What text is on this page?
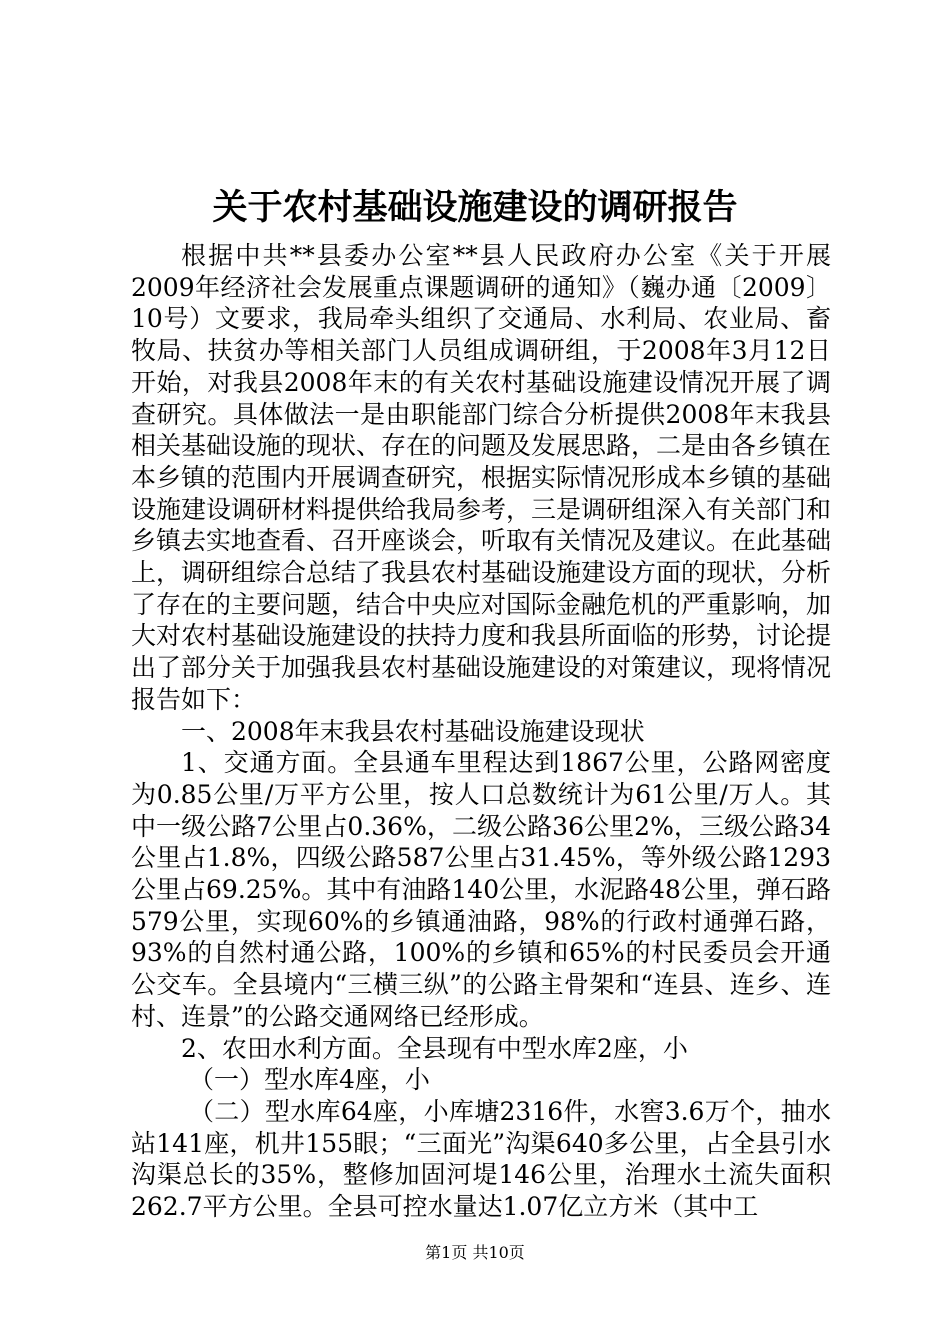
关于农村基础设施建设的调研报告

根据中共**县委办公室**县人民政府办公室《关于开展2009年经济社会发展重点课题调研的通知》（巍办通〔2009〕10号）文要求，我局牵头组织了交通局、水利局、农业局、畜牧局、扶贫办等相关部门人员组成调研组，于2008年3月12日开始，对我县2008年末的有关农村基础设施建设情况开展了调查研究。具体做法一是由职能部门综合分析提供2008年末我县相关基础设施的现状、存在的问题及发展思路，二是由各乡镇在本乡镇的范围内开展调查研究，根据实际情况形成本乡镇的基础设施建设调研材料提供给我局参考，三是调研组深入有关部门和乡镇去实地查看、召开座谈会，听取有关情况及建议。在此基础上，调研组综合总结了我县农村基础设施建设方面的现状，分析了存在的主要问题，结合中央应对国际金融危机的严重影响，加大对农村基础设施建设的扶持力度和我县所面临的形势，讨论提出了部分关于加强我县农村基础设施建设的对策建议，现将情况报告如下：

一、2008年末我县农村基础设施建设现状

1、交通方面。全县通车里程达到1867公里，公路网密度为0.85公里/万平方公里，按人口总数统计为61公里/万人。其中一级公路7公里占0.36%，二级公路36公里2%，三级公路34公里占1.8%，四级公路587公里占31.45%，等外级公路1293公里占69.25%。其中有油路140公里，水泥路48公里，弹石路579公里，实现60%的乡镇通油路，98%的行政村通弹石路，93%的自然村通公路，100%的乡镇和65%的村民委员会开通公交车。全县境内“三横三纵”的公路主骨架和“连县、连乡、连村、连景”的公路交通网络已经形成。

2、农田水利方面。全县现有中型水库2座，小

（一）型水库4座，小

（二）型水库64座，小库塘2316件，水窖3.6万个，抽水站141座，机井155眼；“三面光”沟渠640多公里，占全县引水沟渠总长的35%，整修加固河堤146公里，治理水土流失面积262.7平方公里。全县可控水量达1.07亿立方米（其中工

第1页 共10页
